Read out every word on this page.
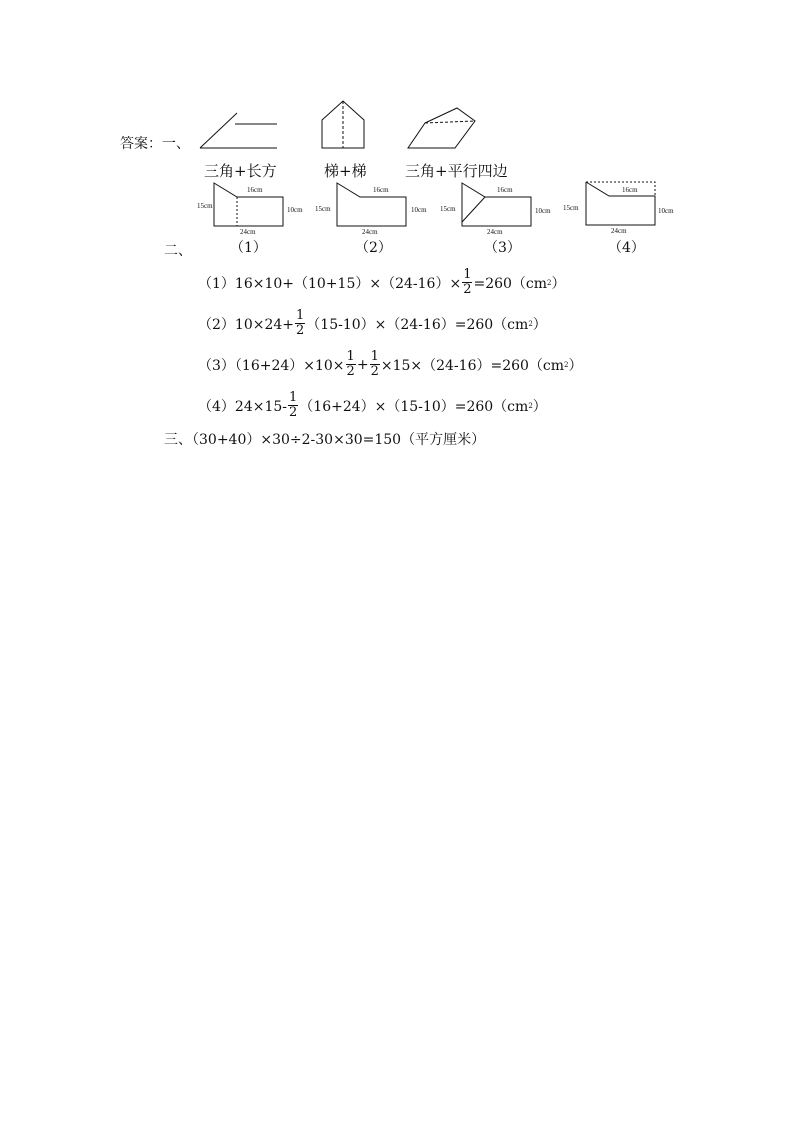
答案：一、
三角+长方	梯+梯	三角+平行四边
16cm
15cm	10cm
24cm
16cm
15cm	10cm
24cm
16cm
15cm	10cm
24cm
16cm
15cm	10cm
24cm
二、	（1）	（2）	（3）	（4）
$(1)16\times 10+(10+15)\times(24-16)\times \frac{1}{2} =260(cm$ 2 ）
$(2)10\times 24+ \frac{1}{2} (15-10)\times(24-16)=260(cm$ 2 ）
$(3)(16+24)\times 10\times \frac{1}{2} + \frac{1}{2} \times 15\times(24-16)=260(cm$ 2 ）
$(4)24\times 15- \frac{1}{2} (16+24)\times(15-10)=260(cm$ 2 ）
三、（30+40）×30÷2-30×30=150（平方厘米）
